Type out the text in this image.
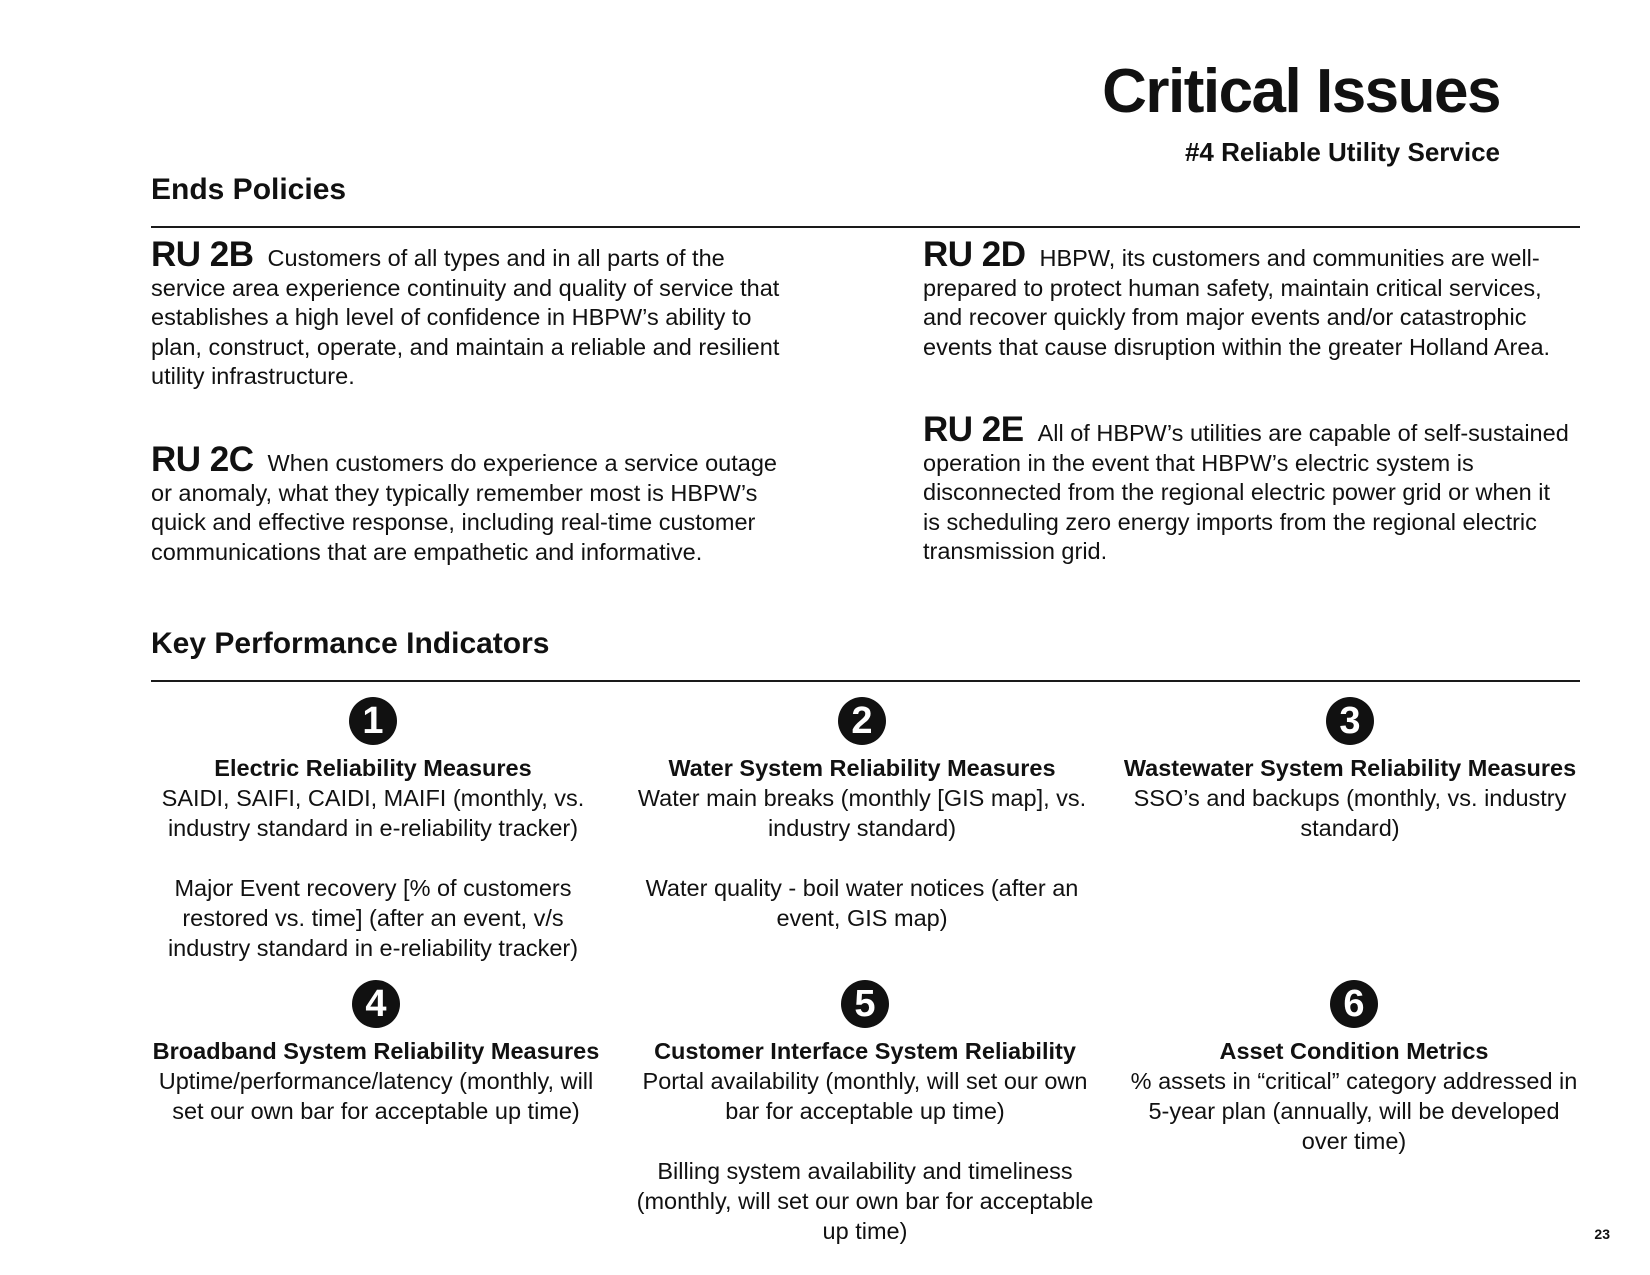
Critical Issues
#4 Reliable Utility Service
Ends Policies
RU 2B Customers of all types and in all parts of the service area experience continuity and quality of service that establishes a high level of confidence in HBPW’s ability to plan, construct, operate, and maintain a reliable and resilient utility infrastructure.
RU 2C When customers do experience a service outage or anomaly, what they typically remember most is HBPW’s quick and effective response, including real-time customer communications that are empathetic and informative.
RU 2D HBPW, its customers and communities are well-prepared to protect human safety, maintain critical services, and recover quickly from major events and/or catastrophic events that cause disruption within the greater Holland Area.
RU 2E All of HBPW’s utilities are capable of self-sustained operation in the event that HBPW’s electric system is disconnected from the regional electric power grid or when it is scheduling zero energy imports from the regional electric transmission grid.
Key Performance Indicators
1
Electric Reliability Measures
SAIDI, SAIFI, CAIDI, MAIFI (monthly, vs. industry standard in e-reliability tracker)
Major Event recovery [% of customers restored vs. time] (after an event, v/s industry standard in e-reliability tracker)
2
Water System Reliability Measures
Water main breaks (monthly [GIS map], vs. industry standard)
Water quality - boil water notices (after an event, GIS map)
3
Wastewater System Reliability Measures
SSO’s and backups (monthly, vs. industry standard)
4
Broadband System Reliability Measures
Uptime/performance/latency (monthly, will set our own bar for acceptable up time)
5
Customer Interface System Reliability
Portal availability (monthly, will set our own bar for acceptable up time)
Billing system availability and timeliness (monthly, will set our own bar for acceptable up time)
6
Asset Condition Metrics
% assets in “critical” category addressed in 5-year plan (annually, will be developed over time)
23
